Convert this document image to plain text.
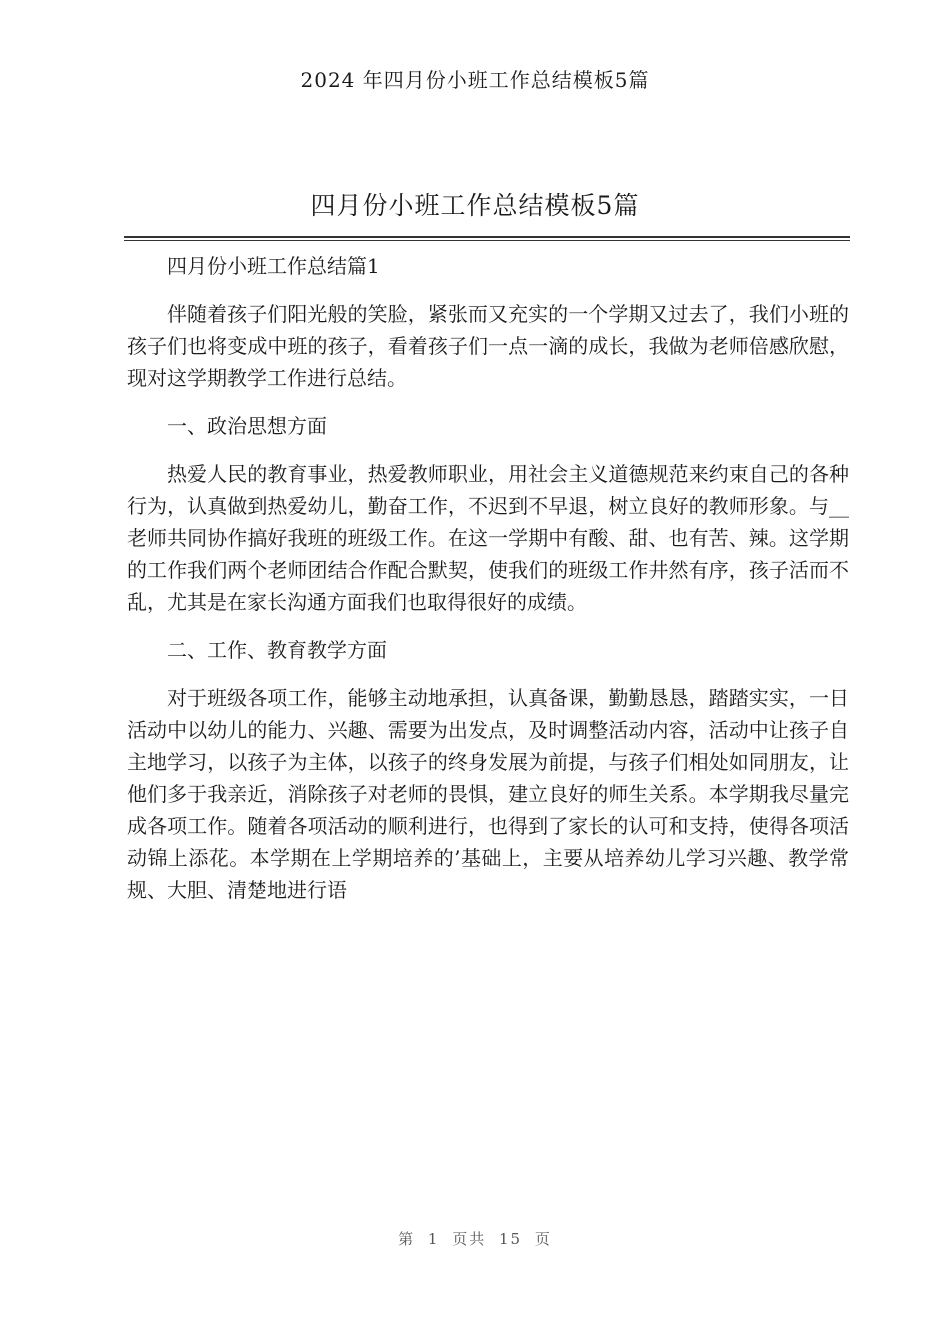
2024 年四月份小班工作总结模板5篇
四月份小班工作总结模板5篇

四月份小班工作总结篇1

伴随着孩子们阳光般的笑脸，紧张而又充实的一个学期又过去了，我们小班的孩子们也将变成中班的孩子，看着孩子们一点一滴的成长，我做为老师倍感欣慰，现对这学期教学工作进行总结。

一、政治思想方面

热爱人民的教育事业，热爱教师职业，用社会主义道德规范来约束自己的各种行为，认真做到热爱幼儿，勤奋工作，不迟到不早退，树立良好的教师形象。与__老师共同协作搞好我班的班级工作。在这一学期中有酸、甜、也有苦、辣。这学期的工作我们两个老师团结合作配合默契，使我们的班级工作井然有序，孩子活而不乱，尤其是在家长沟通方面我们也取得很好的成绩。

二、工作、教育教学方面

对于班级各项工作，能够主动地承担，认真备课，勤勤恳恳，踏踏实实，一日活动中以幼儿的能力、兴趣、需要为出发点，及时调整活动内容，活动中让孩子自主地学习，以孩子为主体，以孩子的终身发展为前提，与孩子们相处如同朋友，让他们多于我亲近，消除孩子对老师的畏惧，建立良好的师生关系。本学期我尽量完成各项工作。随着各项活动的顺利进行，也得到了家长的认可和支持，使得各项活动锦上添花。本学期在上学期培养的’基础上，主要从培养幼儿学习兴趣、教学常规、大胆、清楚地进行语

第 1 页共 15 页
